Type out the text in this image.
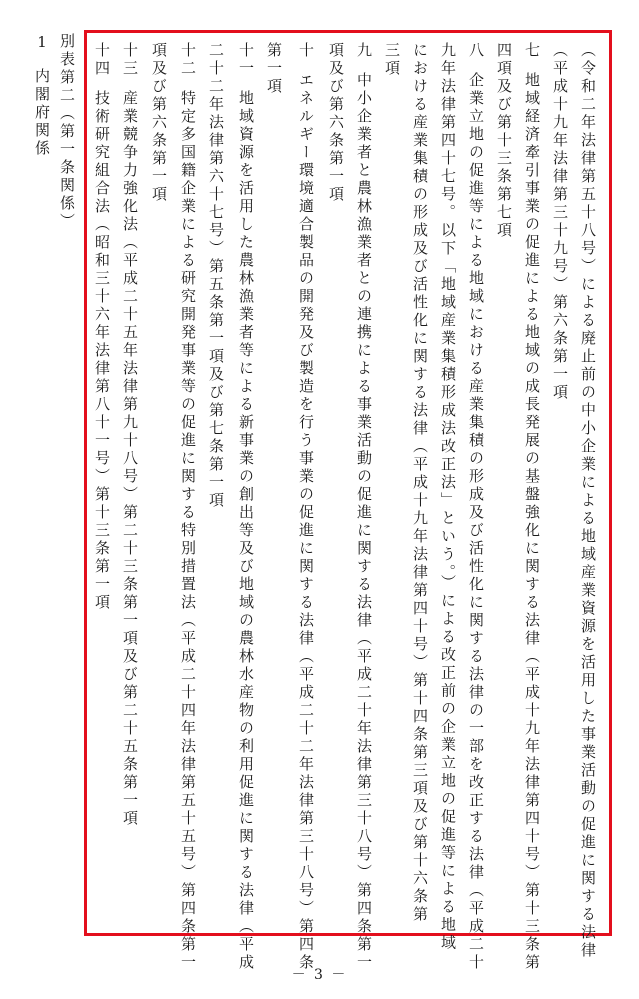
1 別表第二（第一条関係）
内閣府関係	（令和二年法律第五十八号）による廃止前の中小企業による地域産業資源を活用した事業活動の促進に関する法律
（平成十九年法律第三十九号）第六条第一項
七地域経済牽引事業の促進による地域の成長発展の基盤強化に関する法律（平成十九年法律第四十号）第十三条第
四項及び第十三条第七項
八企業立地の促進等による地域における産業集積の形成及び活性化に関する法律の一部を改正する法律（平成二十
九年法律第四十七号。以下「地域産業集積形成法改正法」という。）による改正前の企業立地の促進等による地域
における産業集積の形成及び活性化に関する法律（平成十九年法律第四十号）第十四条第三項及び第十六条第
三項
九中小企業者と農林漁業者との連携による事業活動の促進に関する法律（平成二十年法律第三十八号）第四条第一
項及び第六条第一項
十エネルギー環境適合製品の開発及び製造を行う事業の促進に関する法律（平成二十二年法律第三十八号）第四条
第一項
十一地域資源を活用した農林漁業者等による新事業の創出等及び地域の農林水産物の利用促進に関する法律（平成
二十二年法律第六十七号）第五条第一項及び第七条第一項
十二特定多国籍企業による研究開発事業等の促進に関する特別措置法（平成二十四年法律第五十五号）第四条第一
項及び第六条第一項
十三産業競争力強化法（平成二十五年法律第九十八号）第二十三条第一項及び第二十五条第一項
十四技術研究組合法（昭和三十六年法律第八十一号）第十三条第一項
－ 3 －
